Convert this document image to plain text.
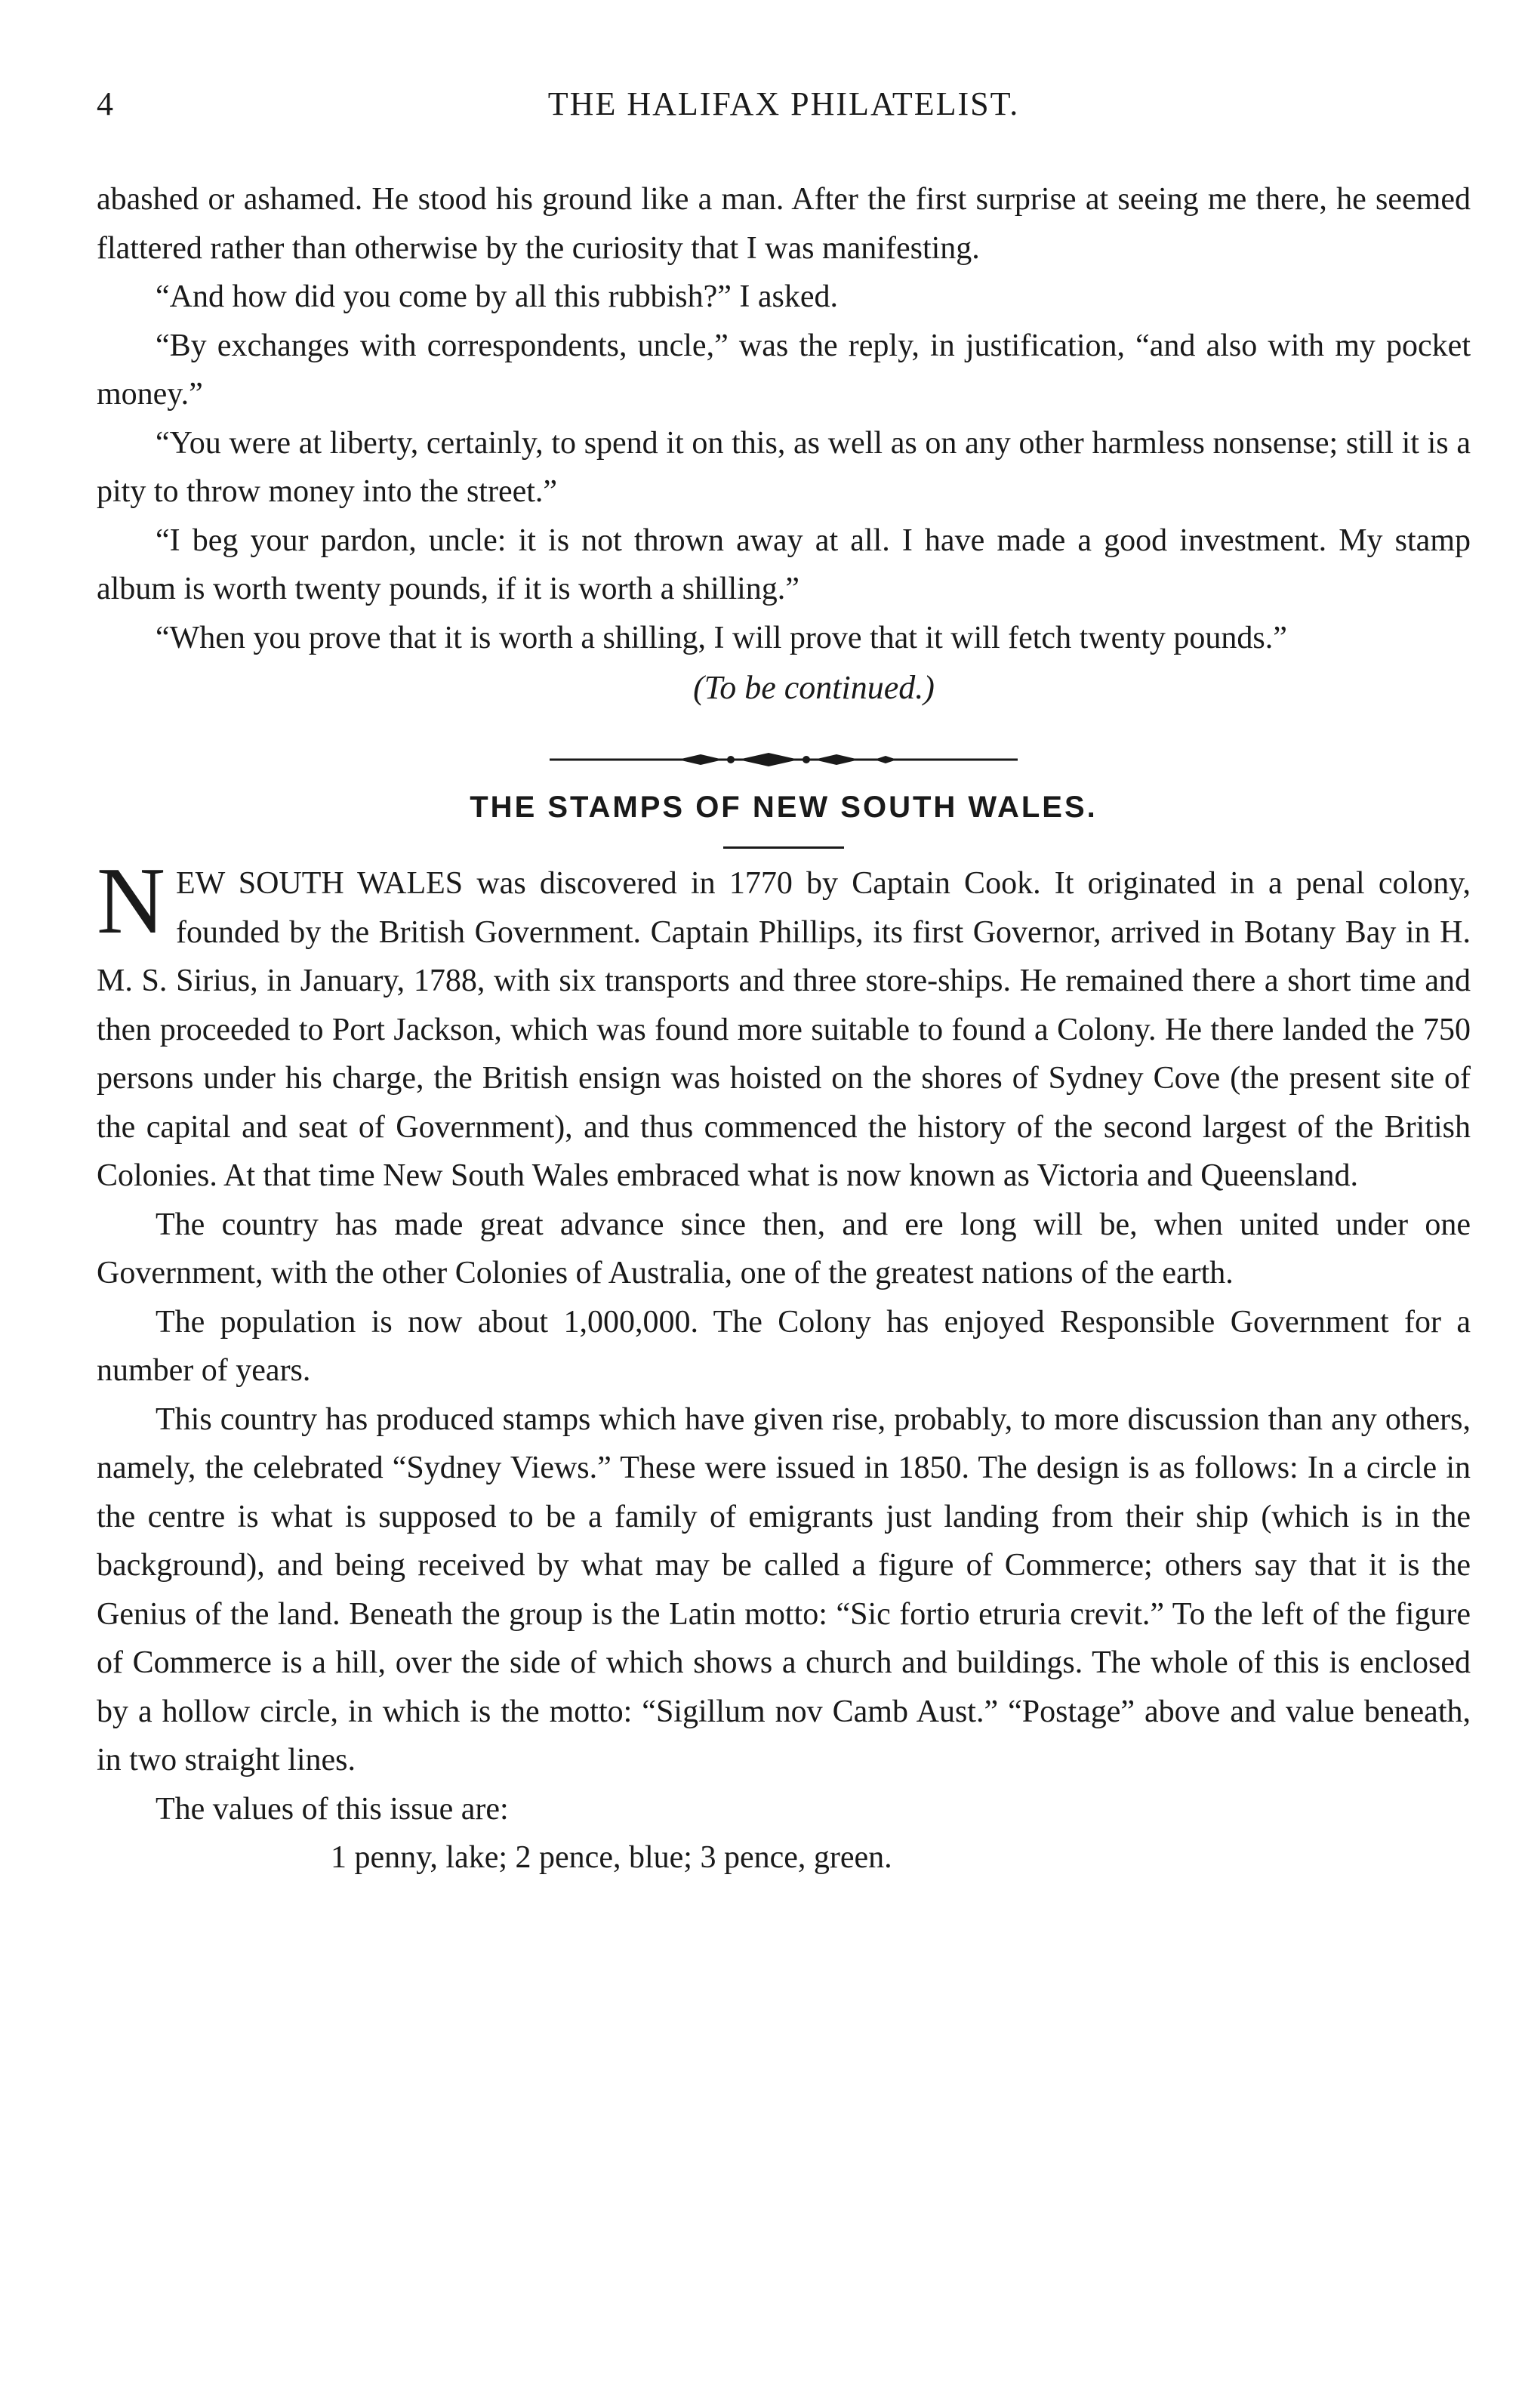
4	THE HALIFAX PHILATELIST.

abashed or ashamed. He stood his ground like a man. After the first surprise at seeing me there, he seemed flattered rather than otherwise by the curiosity that I was manifesting.

“And how did you come by all this rubbish?” I asked.

“By exchanges with correspondents, uncle,” was the reply, in justification, “and also with my pocket money.”

“You were at liberty, certainly, to spend it on this, as well as on any other harmless nonsense; still it is a pity to throw money into the street.”

“I beg your pardon, uncle: it is not thrown away at all. I have made a good investment. My stamp album is worth twenty pounds, if it is worth a shilling.”

“When you prove that it is worth a shilling, I will prove that it will fetch twenty pounds.”

(To be continued.)
THE STAMPS OF NEW SOUTH WALES.

NEW SOUTH WALES was discovered in 1770 by Captain Cook. It originated in a penal colony, founded by the British Government. Captain Phillips, its first Governor, arrived in Botany Bay in H. M. S. Sirius, in January, 1788, with six transports and three store-ships. He remained there a short time and then proceeded to Port Jackson, which was found more suitable to found a Colony. He there landed the 750 persons under his charge, the British ensign was hoisted on the shores of Sydney Cove (the present site of the capital and seat of Government), and thus commenced the history of the second largest of the British Colonies. At that time New South Wales embraced what is now known as Victoria and Queensland.

The country has made great advance since then, and ere long will be, when united under one Government, with the other Colonies of Australia, one of the greatest nations of the earth.

The population is now about 1,000,000. The Colony has enjoyed Responsible Government for a number of years.

This country has produced stamps which have given rise, probably, to more discussion than any others, namely, the celebrated “Sydney Views.” These were issued in 1850. The design is as follows: In a circle in the centre is what is supposed to be a family of emigrants just landing from their ship (which is in the background), and being received by what may be called a figure of Commerce; others say that it is the Genius of the land. Beneath the group is the Latin motto: “Sic fortio etruria crevit.” To the left of the figure of Commerce is a hill, over the side of which shows a church and buildings. The whole of this is enclosed by a hollow circle, in which is the motto: “Sigillum nov Camb Aust.” “Postage” above and value beneath, in two straight lines.

The values of this issue are:

1 penny, lake; 2 pence, blue; 3 pence, green.
